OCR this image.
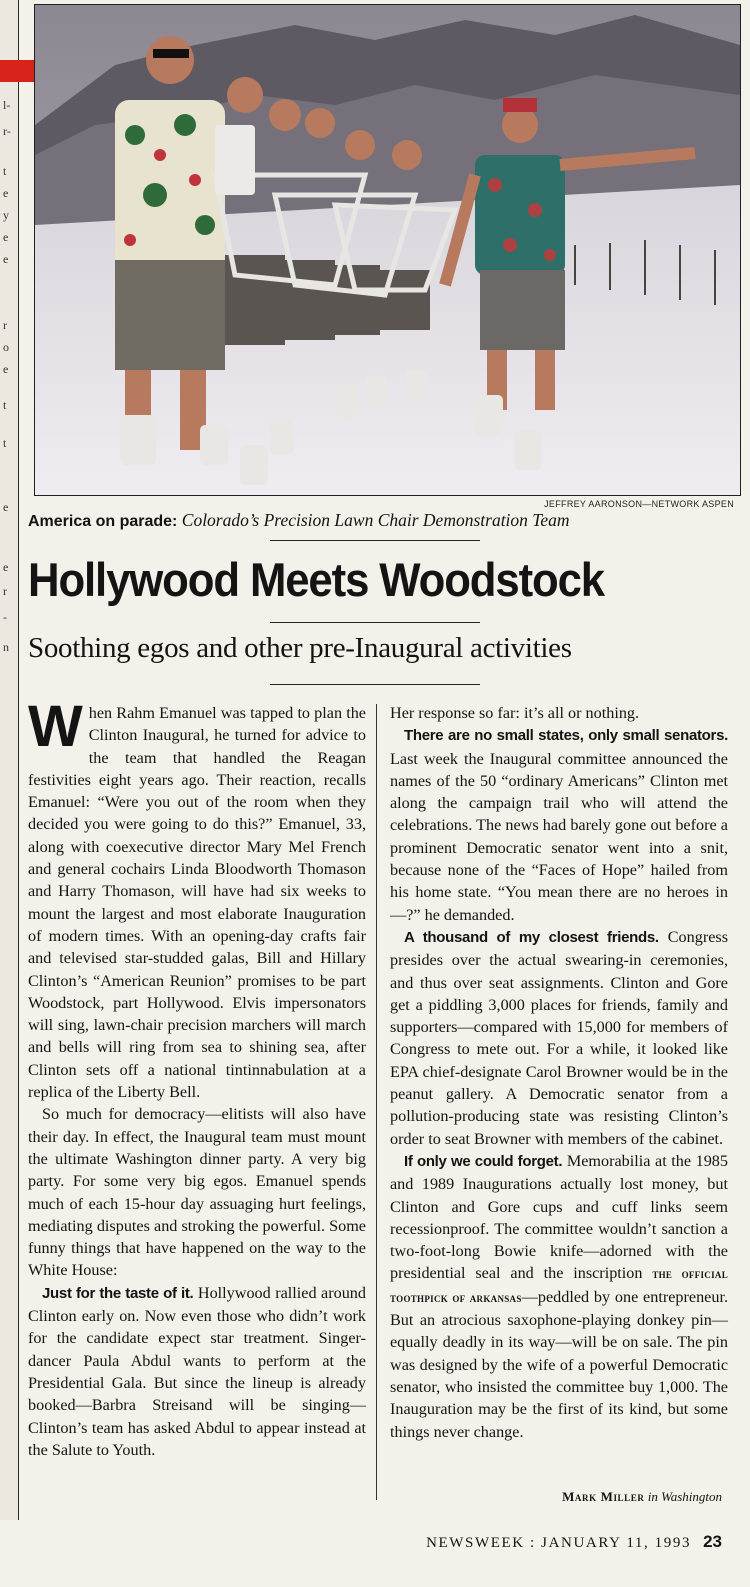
l-
r-
t
e
y
e
e
r
o
e
t
t
e
e
r
-
n
JEFFREY AARONSON—NETWORK ASPEN
America on parade: Colorado’s Precision Lawn Chair Demonstration Team
Hollywood Meets Woodstock
Soothing egos and other pre-Inaugural activities

When Rahm Emanuel was tapped to plan the Clinton Inaugural, he turned for advice to the team that handled the Reagan festivities eight years ago. Their reaction, recalls Emanuel: “Were you out of the room when they decided you were going to do this?” Emanuel, 33, along with coexecutive director Mary Mel French and general cochairs Linda Bloodworth Thomason and Harry Thomason, will have had six weeks to mount the largest and most elaborate Inauguration of modern times. With an opening-day crafts fair and televised star-studded galas, Bill and Hillary Clinton’s “American Reunion” promises to be part Woodstock, part Hollywood. Elvis impersonators will sing, lawn-chair precision marchers will march and bells will ring from sea to shining sea, after Clinton sets off a national tintinnabulation at a replica of the Liberty Bell.

So much for democracy—elitists will also have their day. In effect, the Inaugural team must mount the ultimate Washington dinner party. A very big party. For some very big egos. Emanuel spends much of each 15-hour day assuaging hurt feelings, mediating disputes and stroking the powerful. Some funny things that have happened on the way to the White House:

Just for the taste of it. Hollywood rallied around Clinton early on. Now even those who didn’t work for the candidate expect star treatment. Singer-dancer Paula Abdul wants to perform at the Presidential Gala. But since the lineup is already booked—Barbra Streisand will be singing—Clinton’s team has asked Abdul to appear instead at the Salute to Youth.

Her response so far: it’s all or nothing.

There are no small states, only small senators. Last week the Inaugural committee announced the names of the 50 “ordinary Americans” Clinton met along the campaign trail who will attend the celebrations. The news had barely gone out before a prominent Democratic senator went into a snit, because none of the “Faces of Hope” hailed from his home state. “You mean there are no heroes in —?” he demanded.

A thousand of my closest friends. Congress presides over the actual swearing-in ceremonies, and thus over seat assignments. Clinton and Gore get a piddling 3,000 places for friends, family and supporters—compared with 15,000 for members of Congress to mete out. For a while, it looked like EPA chief-designate Carol Browner would be in the peanut gallery. A Democratic senator from a pollution-producing state was resisting Clinton’s order to seat Browner with members of the cabinet.

If only we could forget. Memorabilia at the 1985 and 1989 Inaugurations actually lost money, but Clinton and Gore cups and cuff links seem recessionproof. The committee wouldn’t sanction a two-foot-long Bowie knife—adorned with the presidential seal and the inscription the official toothpick of arkansas—peddled by one entrepreneur. But an atrocious saxophone-playing donkey pin—equally deadly in its way—will be on sale. The pin was designed by the wife of a powerful Democratic senator, who insisted the committee buy 1,000. The Inauguration may be the first of its kind, but some things never change.

Mark Miller in Washington
NEWSWEEK : JANUARY 11, 1993 23
